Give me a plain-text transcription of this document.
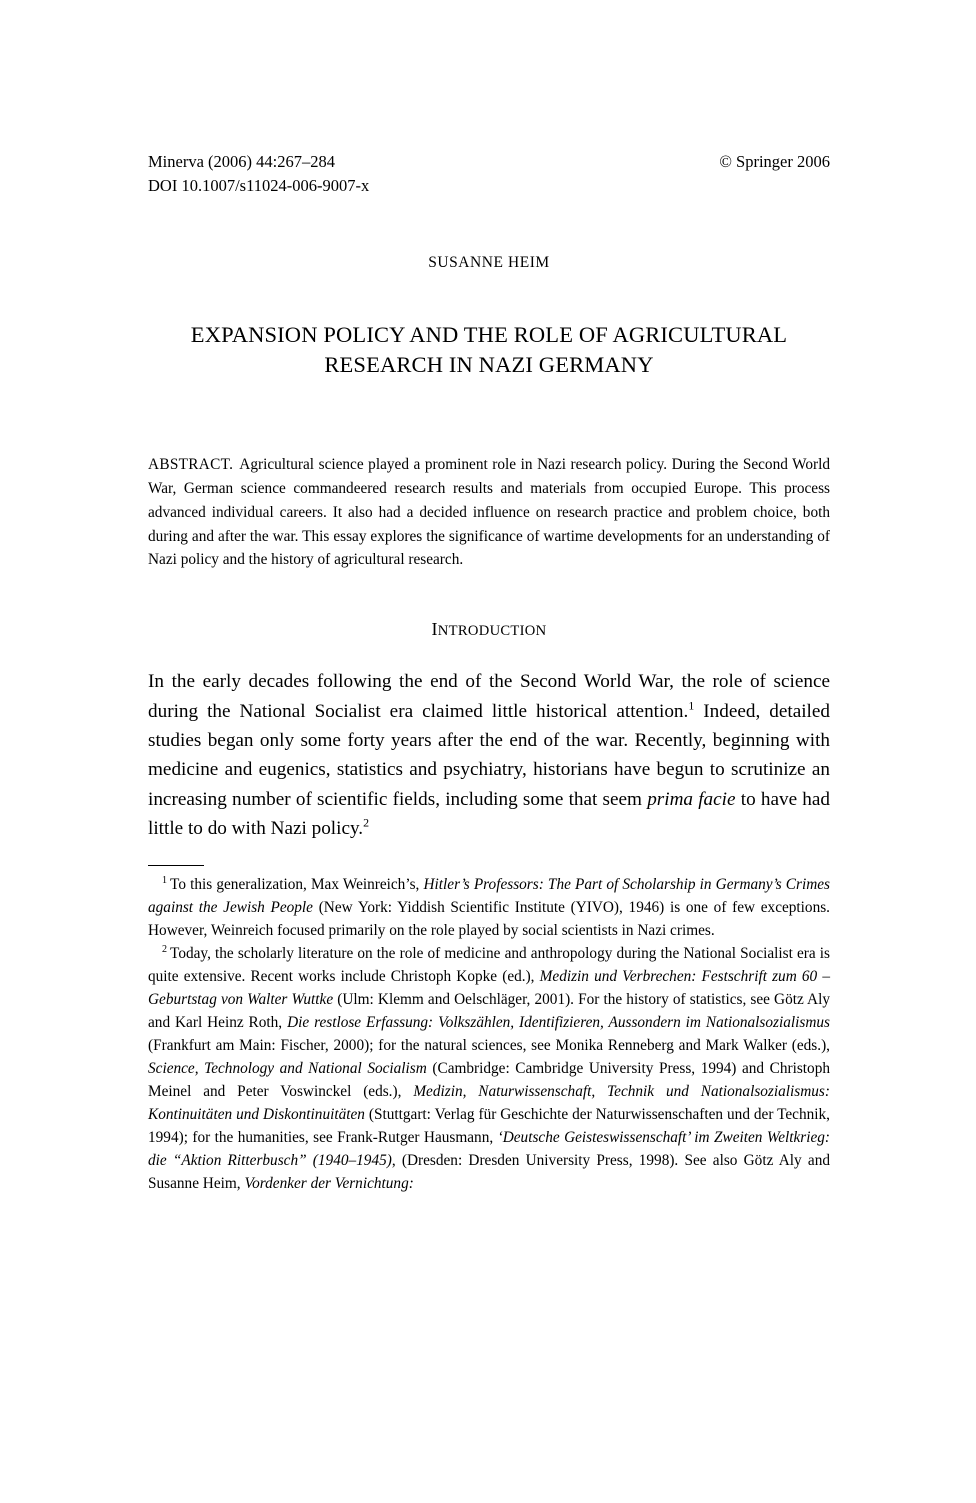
Minerva (2006) 44:267–284	© Springer 2006
DOI 10.1007/s11024-006-9007-x
SUSANNE HEIM
EXPANSION POLICY AND THE ROLE OF AGRICULTURAL
RESEARCH IN NAZI GERMANY
ABSTRACT. Agricultural science played a prominent role in Nazi research policy. During the Second World War, German science commandeered research results and materials from occupied Europe. This process advanced individual careers. It also had a decided influence on research practice and problem choice, both during and after the war. This essay explores the significance of wartime developments for an understanding of Nazi policy and the history of agricultural research.
INTRODUCTION
In the early decades following the end of the Second World War, the role of science during the National Socialist era claimed little historical attention.$^1$ Indeed, detailed studies began only some forty years after the end of the war. Recently, beginning with medicine and eugenics, statistics and psychiatry, historians have begun to scrutinize an increasing number of scientific fields, including some that seem prima facie to have had little to do with Nazi policy.$^2$
$^1$ To this generalization, Max Weinreich’s, Hitler’s Professors: The Part of Scholarship in Germany’s Crimes against the Jewish People (New York: Yiddish Scientific Institute (YIVO), 1946) is one of few exceptions. However, Weinreich focused primarily on the role played by social scientists in Nazi crimes.
$^2$ Today, the scholarly literature on the role of medicine and anthropology during the National Socialist era is quite extensive. Recent works include Christoph Kopke (ed.), Medizin und Verbrechen: Festschrift zum 60 – Geburtstag von Walter Wuttke (Ulm: Klemm and Oelschläger, 2001). For the history of statistics, see Götz Aly and Karl Heinz Roth, Die restlose Erfassung: Volkszählen, Identifizieren, Aussondern im Nationalsozialismus (Frankfurt am Main: Fischer, 2000); for the natural sciences, see Monika Renneberg and Mark Walker (eds.), Science, Technology and National Socialism (Cambridge: Cambridge University Press, 1994) and Christoph Meinel and Peter Voswinckel (eds.), Medizin, Naturwissenschaft, Technik und Nationalsozialismus: Kontinuitäten und Diskontinuitäten (Stuttgart: Verlag für Geschichte der Naturwissenschaften und der Technik, 1994); for the humanities, see Frank-Rutger Hausmann, ‘Deutsche Geisteswissenschaft’ im Zweiten Weltkrieg: die “Aktion Ritterbusch” (1940–1945), (Dresden: Dresden University Press, 1998). See also Götz Aly and Susanne Heim, Vordenker der Vernichtung:
